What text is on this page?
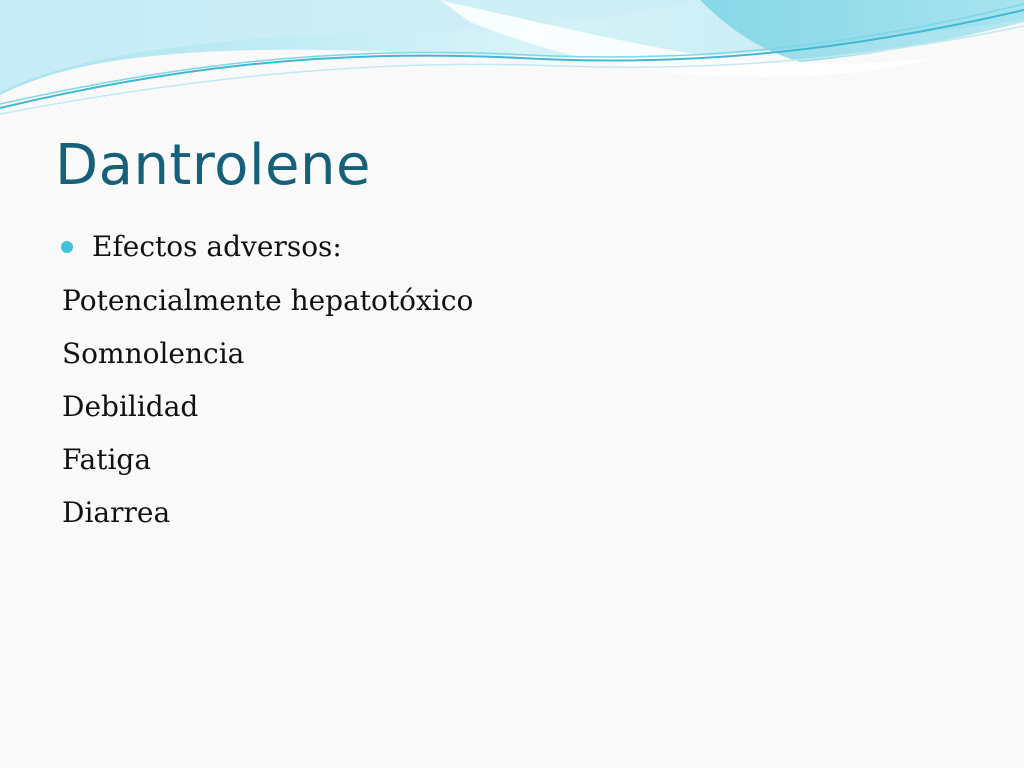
Dantrolene
Efectos adversos:
Potencialmente hepatotóxico
Somnolencia
Debilidad
Fatiga
Diarrea
